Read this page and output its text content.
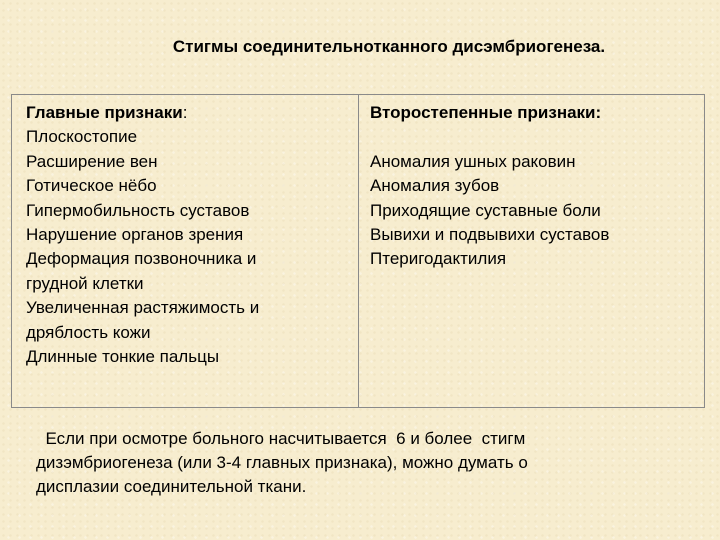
Стигмы соединительнотканного дисэмбриогенеза.
Главные признаки:
Плоскостопие
Расширение вен
Готическое нёбо
Гипермобильность суставов
Нарушение органов зрения
Деформация позвоночника и
грудной клетки
Увеличенная растяжимость и
дряблость кожи
Длинные тонкие пальцы
Второстепенные признаки:
Аномалия ушных раковин
Аномалия зубов
Приходящие суставные боли
Вывихи и подвывихи суставов
Птеригодактилия
Если при осмотре больного насчитывается  6 и более  стигм
дизэмбриогенеза (или 3-4 главных признака), можно думать о
дисплазии соединительной ткани.
